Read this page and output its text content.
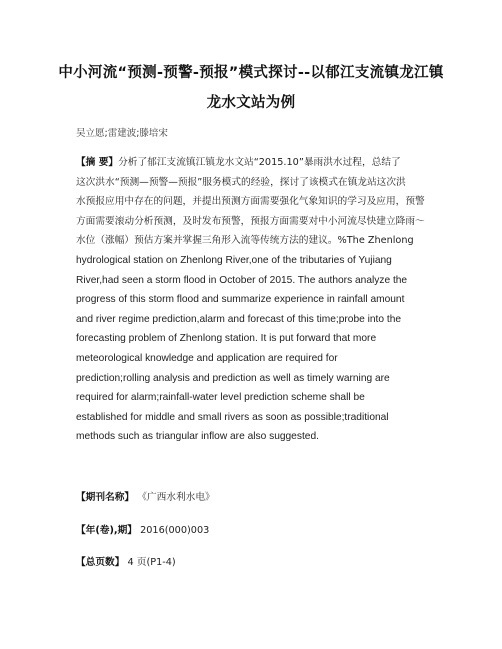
中小河流“预测-预警-预报”模式探讨--以郁江支流镇龙江镇
龙水文站为例
吴立愿;雷建波;滕培宋
【摘 要】分析了郁江支流镇江镇龙水文站“2015.10”暴雨洪水过程，总结了
这次洪水“预测—预警—预报”服务模式的经验，探讨了该模式在镇龙站这次洪
水预报应用中存在的问题，并提出预测方面需要强化气象知识的学习及应用，预警
方面需要滚动分析预测，及时发布预警，预报方面需要对中小河流尽快建立降雨～
水位（涨幅）预估方案并掌握三角形入流等传统方法的建议。%The Zhenlong
hydrological station on Zhenlong River,one of the tributaries of Yujiang
River,had seen a storm flood in October of 2015. The authors analyze the
progress of this storm flood and summarize experience in rainfall amount
and river regime prediction,alarm and forecast of this time;probe into the
forecasting problem of Zhenlong station. It is put forward that more
meteorological knowledge and application are required for
prediction;rolling analysis and prediction as well as timely warning are
required for alarm;rainfall-water level prediction scheme shall be
established for middle and small rivers as soon as possible;traditional
methods such as triangular inflow are also suggested.
【期刊名称】 《广西水利水电》
【年(卷),期】 2016(000)003
【总页数】 4 页(P1-4)
